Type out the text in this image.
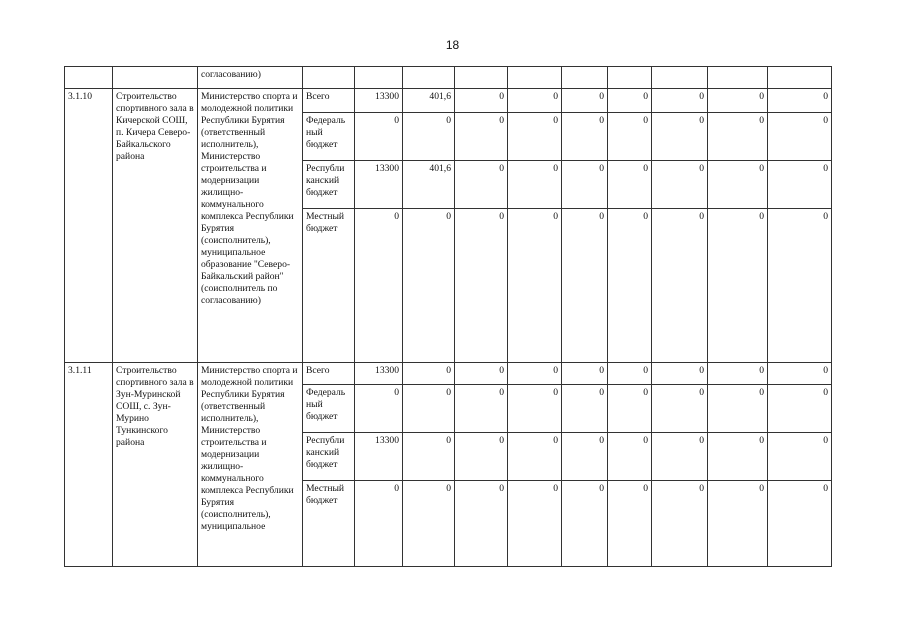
18
		согласованию)										
3.1.10	Строительство спортивного зала в Кичерской СОШ, п. Кичера Северо-Байкальского района	Министерство спорта и молодежной политики Республики Бурятия (ответственный исполнитель), Министерство строительства и модернизации жилищно-коммунального комплекса Республики Бурятия (соисполнитель), муниципальное образование "Северо-Байкальский район" (соисполнитель по согласованию)	Всего	13300	401,6	0	0	0	0	0	0	0
			Федераль ный бюджет	0	0	0	0	0	0	0	0	0
			Республи канский бюджет	13300	401,6	0	0	0	0	0	0	0
			Местный бюджет	0	0	0	0	0	0	0	0	0
3.1.11	Строительство спортивного зала в Зун-Муринской СОШ, с. Зун-Мурино Тункинского района	Министерство спорта и молодежной политики Республики Бурятия (ответственный исполнитель), Министерство строительства и модернизации жилищно-коммунального комплекса Республики Бурятия (соисполнитель), муниципальное	Всего	13300	0	0	0	0	0	0	0	0
			Федераль ный бюджет	0	0	0	0	0	0	0	0	0
			Республи канский бюджет	13300	0	0	0	0	0	0	0	0
			Местный бюджет	0	0	0	0	0	0	0	0	0
